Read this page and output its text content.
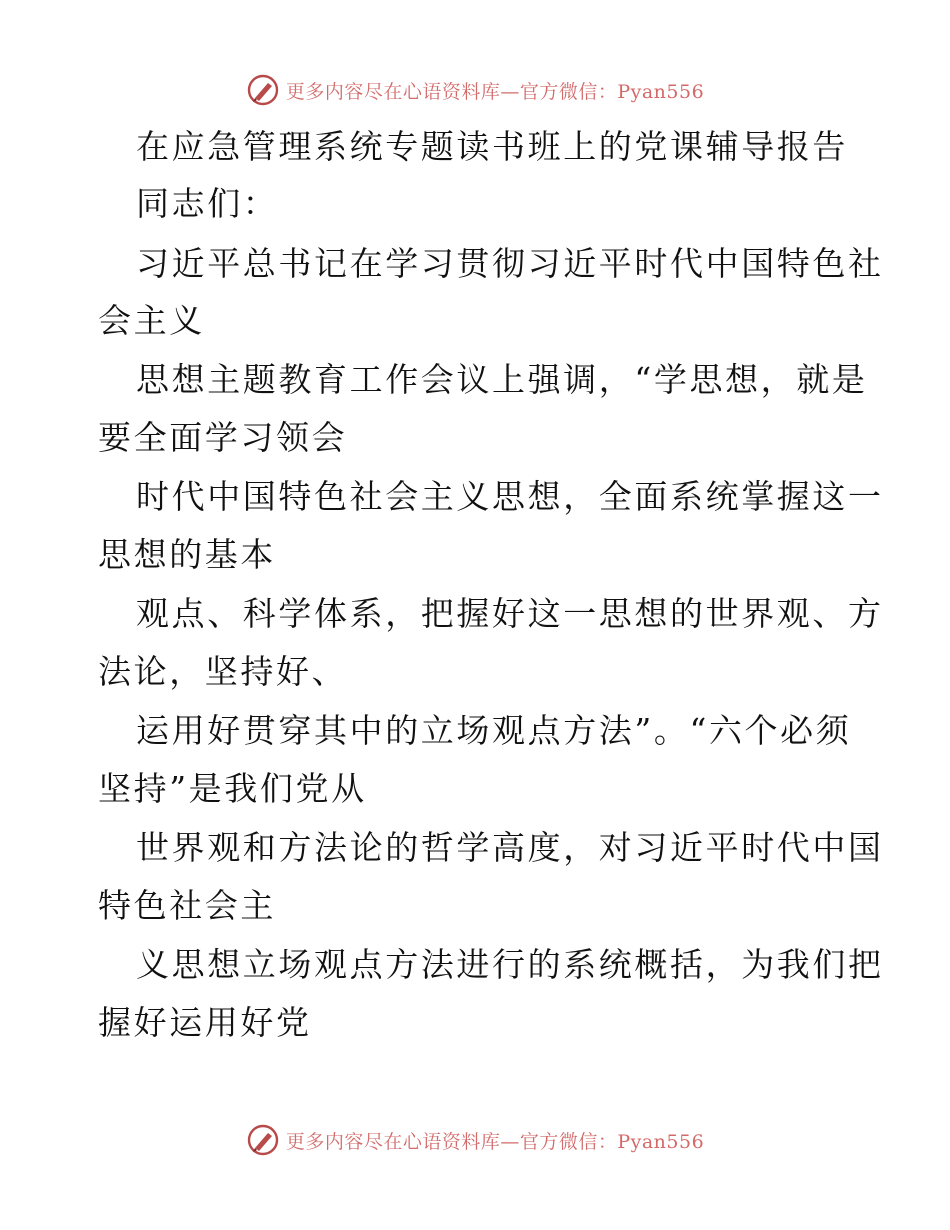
更多内容尽在心语资料库—官方微信：Pyan556
在应急管理系统专题读书班上的党课辅导报告
同志们：
习近平总书记在学习贯彻习近平时代中国特色社
会主义
思想主题教育工作会议上强调，“学思想，就是
要全面学习领会
时代中国特色社会主义思想，全面系统掌握这一
思想的基本
观点、科学体系，把握好这一思想的世界观、方
法论，坚持好、
运用好贯穿其中的立场观点方法”。“六个必须
坚持”是我们党从
世界观和方法论的哲学高度，对习近平时代中国
特色社会主
义思想立场观点方法进行的系统概括，为我们把
握好运用好党
更多内容尽在心语资料库—官方微信：Pyan556
